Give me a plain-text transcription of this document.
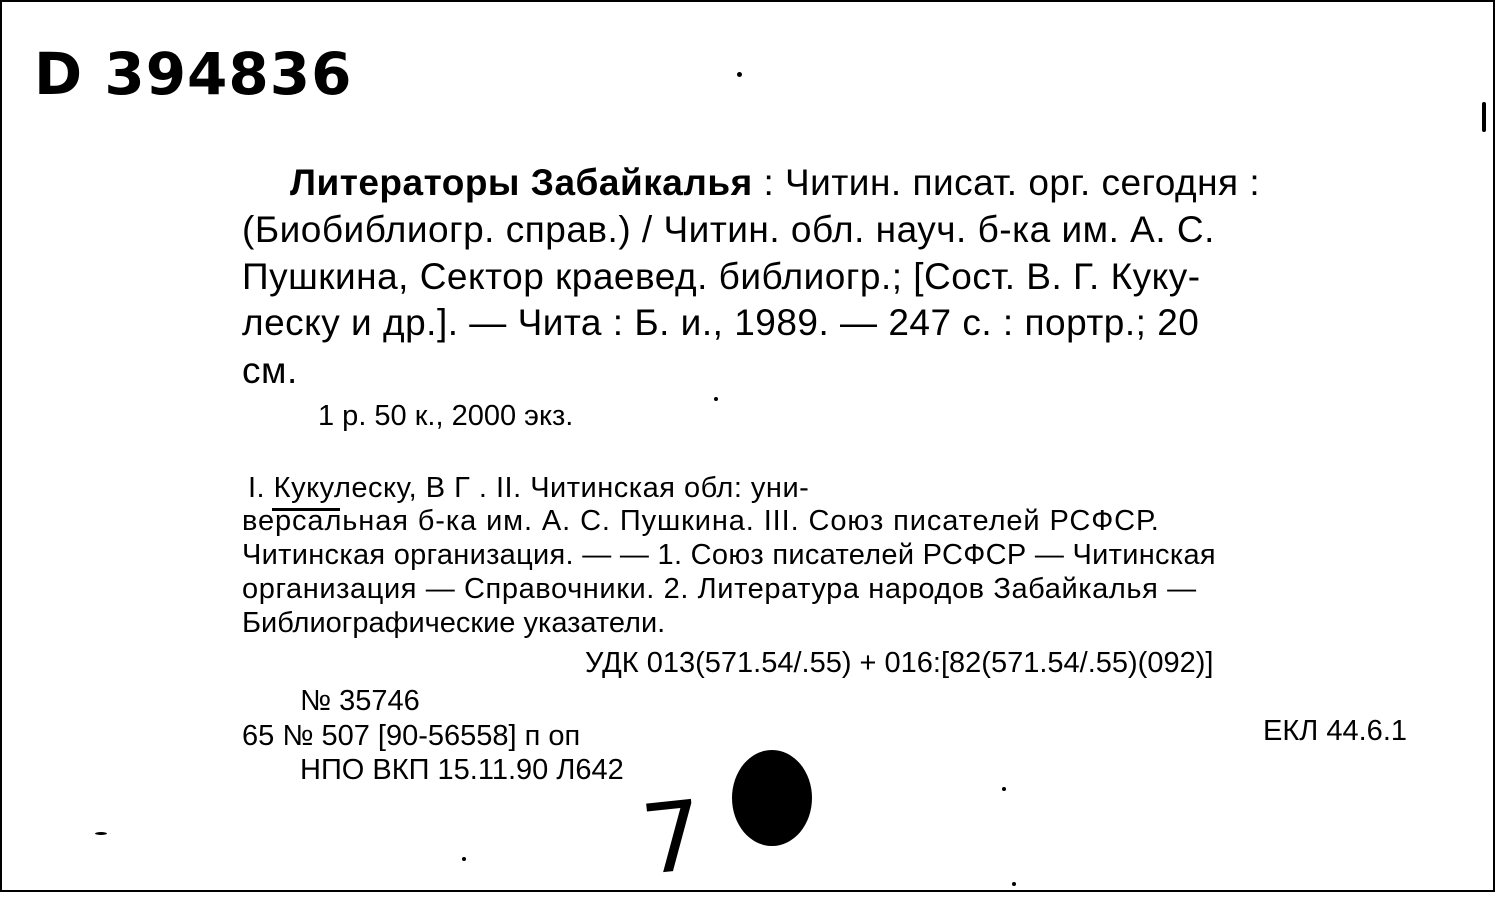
D 394836
Литераторы Забайкалья : Читин. писат. орг. сегодня :
(Биобиблиогр. справ.) / Читин. обл. науч. б-ка им. А. С.
Пушкина, Сектор краевед. библиогр.; [Сост. В. Г. Куку-
леску и др.]. — Чита : Б. и., 1989. — 247 с. : портр.; 20
см.
1 р. 50 к., 2000 экз.
I. Кукулеску, В Г . II. Читинская обл: уни-
версальная б-ка им. А. С. Пушкина. III. Союз писателей РСФСР.
Читинская организация. — — 1. Союз писателей РСФСР — Читинская
организация — Справочники. 2. Литература народов Забайкалья —
Библиографические указатели.
УДК 013(571.54/.55) + 016:[82(571.54/.55)(092)]
№ 35746
65 № 507 [90-56558] п оп	ЕКЛ 44.6.1
НПО ВКП 15.11.90 Л642
7
